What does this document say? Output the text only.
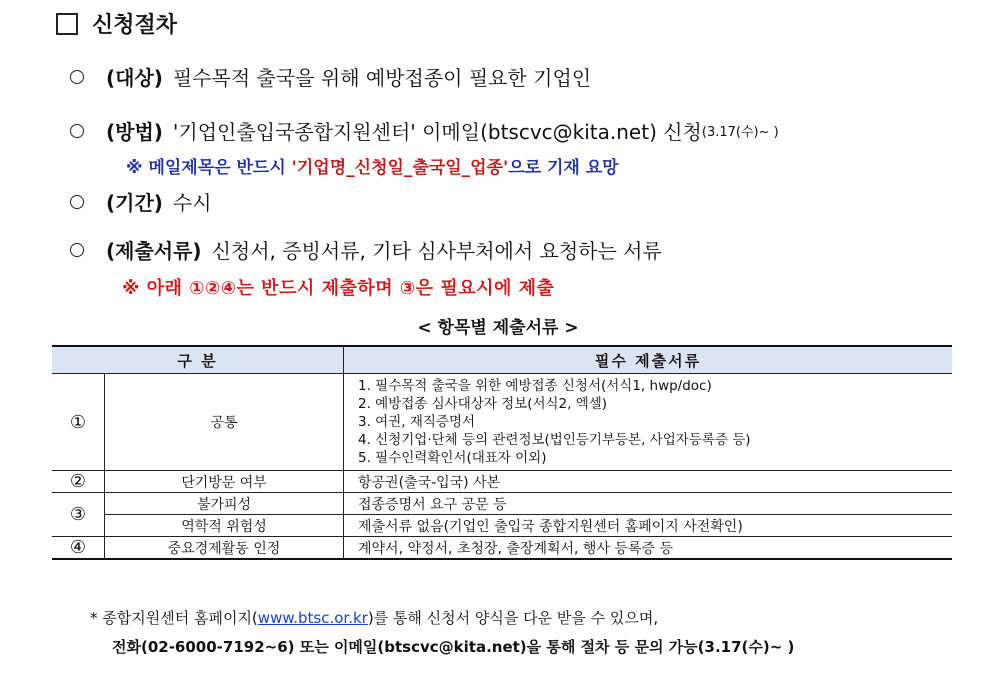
신청절차
(대상) 필수목적 출국을 위해 예방접종이 필요한 기업인
(방법) '기업인출입국종합지원센터' 이메일(btscvc@kita.net) 신청 (3.17(수)~ )
※ 메일제목은 반드시 '기업명_신청일_출국일_업종'으로 기재 요망
(기간) 수시
(제출서류) 신청서, 증빙서류, 기타 심사부처에서 요청하는 서류
※ 아래 ①②④는 반드시 제출하며 ③은 필요시에 제출
< 항목별 제출서류 >
구 분		필수 제출서류
①	공통	1. 필수목적 출국을 위한 예방접종 신청서(서식1, hwp/doc)
2. 예방접종 심사대상자 정보(서식2, 엑셀)
3. 여권, 재직증명서
4. 신청기업·단체 등의 관련정보(법인등기부등본, 사업자등록증 등)
5. 필수인력확인서(대표자 이외)

②	단기방문 여부	항공권(출국-입국) 사본
③	불가피성	접종증명서 요구 공문 등
	역학적 위험성	제출서류 없음(기업인 출입국 종합지원센터 홈페이지 사전확인)
④	중요경제활동 인정	계약서, 약정서, 초청장, 출장계획서, 행사 등록증 등
* 종합지원센터 홈페이지(www.btsc.or.kr)를 통해 신청서 양식을 다운 받을 수 있으며,
전화(02-6000-7192~6) 또는 이메일(btscvc@kita.net)을 통해 절차 등 문의 가능(3.17(수)~ )
